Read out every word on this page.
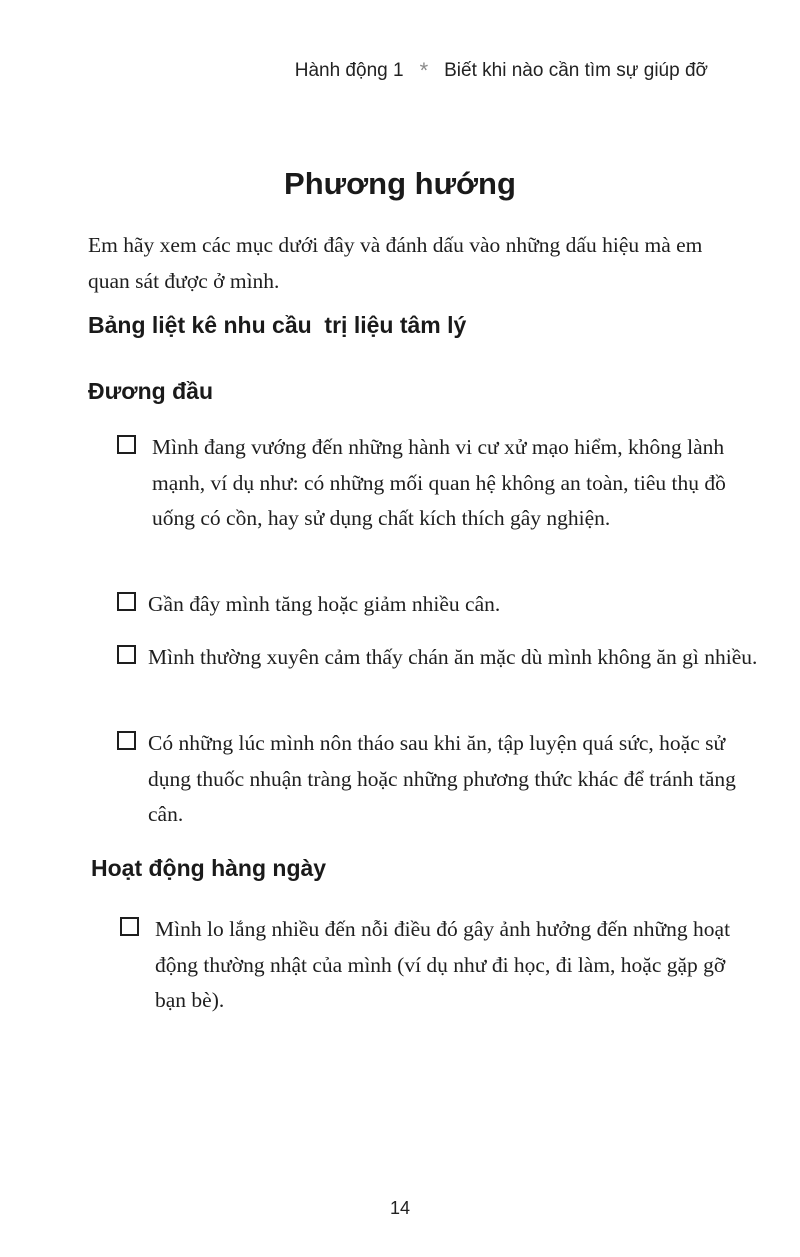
Hành động 1 * Biết khi nào cần tìm sự giúp đỡ
Phương hướng
Em hãy xem các mục dưới đây và đánh dấu vào những dấu hiệu mà em quan sát được ở mình.
Bảng liệt kê nhu cầu  trị liệu tâm lý
Đương đầu
Mình đang vướng đến những hành vi cư xử mạo hiểm, không lành mạnh, ví dụ như: có những mối quan hệ không an toàn, tiêu thụ đồ uống có cồn, hay sử dụng chất kích thích gây nghiện.
Gần đây mình tăng hoặc giảm nhiều cân.
Mình thường xuyên cảm thấy chán ăn mặc dù mình không ăn gì nhiều.
Có những lúc mình nôn tháo sau khi ăn, tập luyện quá sức, hoặc sử dụng thuốc nhuận tràng hoặc những phương thức khác để tránh tăng cân.
Hoạt động hàng ngày
Mình lo lắng nhiều đến nỗi điều đó gây ảnh hưởng đến những hoạt động thường nhật của mình (ví dụ như đi học, đi làm, hoặc gặp gỡ bạn bè).
14
